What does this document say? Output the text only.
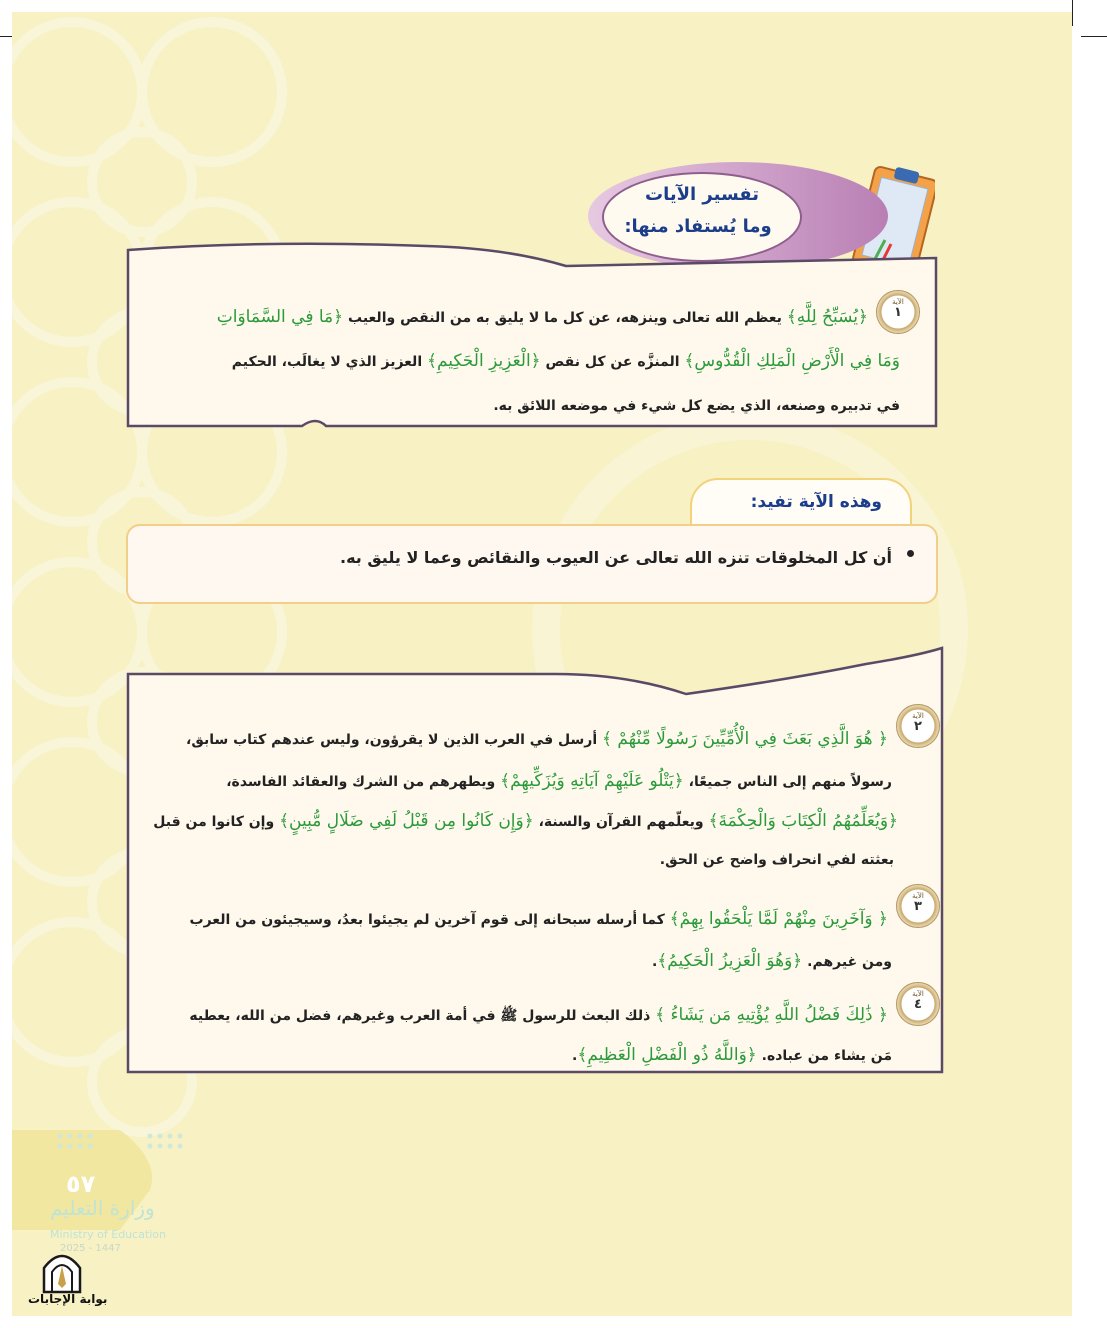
تفسير الآيات
وما يُستفاد منها:
الآية
١
﴿يُسَبِّحُ لِلَّهِ﴾ يعظم الله تعالى وينزهه، عن كل ما لا يليق به من النقص والعيب ﴿مَا فِي السَّمَاوَاتِ
وَمَا فِي الْأَرْضِ الْمَلِكِ الْقُدُّوسِ﴾ المنزَّه عن كل نقص ﴿الْعَزِيزِ الْحَكِيمِ﴾ العزيز الذي لا يغالَب، الحكيم
في تدبيره وصنعه، الذي يضع كل شيء في موضعه اللائق به.
وهذه الآية تفيد:
أن كل المخلوقات تنزه الله تعالى عن العيوب والنقائص وعما لا يليق به.
الآية
٢
الآية
٣
الآية
٤
﴿ هُوَ الَّذِي بَعَثَ فِي الْأُمِّيِّينَ رَسُولًا مِّنْهُمْ ﴾ أرسل في العرب الذين لا يقرؤون، وليس عندهم كتاب سابق،
رسولاً منهم إلى الناس جميعًا، ﴿يَتْلُو عَلَيْهِمْ آيَاتِهِ وَيُزَكِّيهِمْ﴾ ويطهرهم من الشرك والعقائد الفاسدة،
﴿وَيُعَلِّمُهُمُ الْكِتَابَ وَالْحِكْمَةَ﴾ ويعلّمهم القرآن والسنة، ﴿وَإِن كَانُوا مِن قَبْلُ لَفِي ضَلَالٍ مُّبِينٍ﴾ وإن كانوا من قبل
بعثته لفي انحراف واضح عن الحق.
﴿ وَآخَرِينَ مِنْهُمْ لَمَّا يَلْحَقُوا بِهِمْ﴾ كما أرسله سبحانه إلى قوم آخرين لم يجيئوا بعدُ، وسيجيئون من العرب
ومن غيرهم. ﴿وَهُوَ الْعَزِيزُ الْحَكِيمُ﴾.
﴿ ذَٰلِكَ فَضْلُ اللَّهِ يُؤْتِيهِ مَن يَشَاءُ ﴾ ذلك البعث للرسول ﷺ في أمة العرب وغيرهم، فضل من الله، يعطيه
مَن يشاء من عباده. ﴿وَاللَّهُ ذُو الْفَضْلِ الْعَظِيمِ﴾.
٥٧
وزارة التعليم
Ministry of Education
2025 - 1447
بوابة الإجابات
